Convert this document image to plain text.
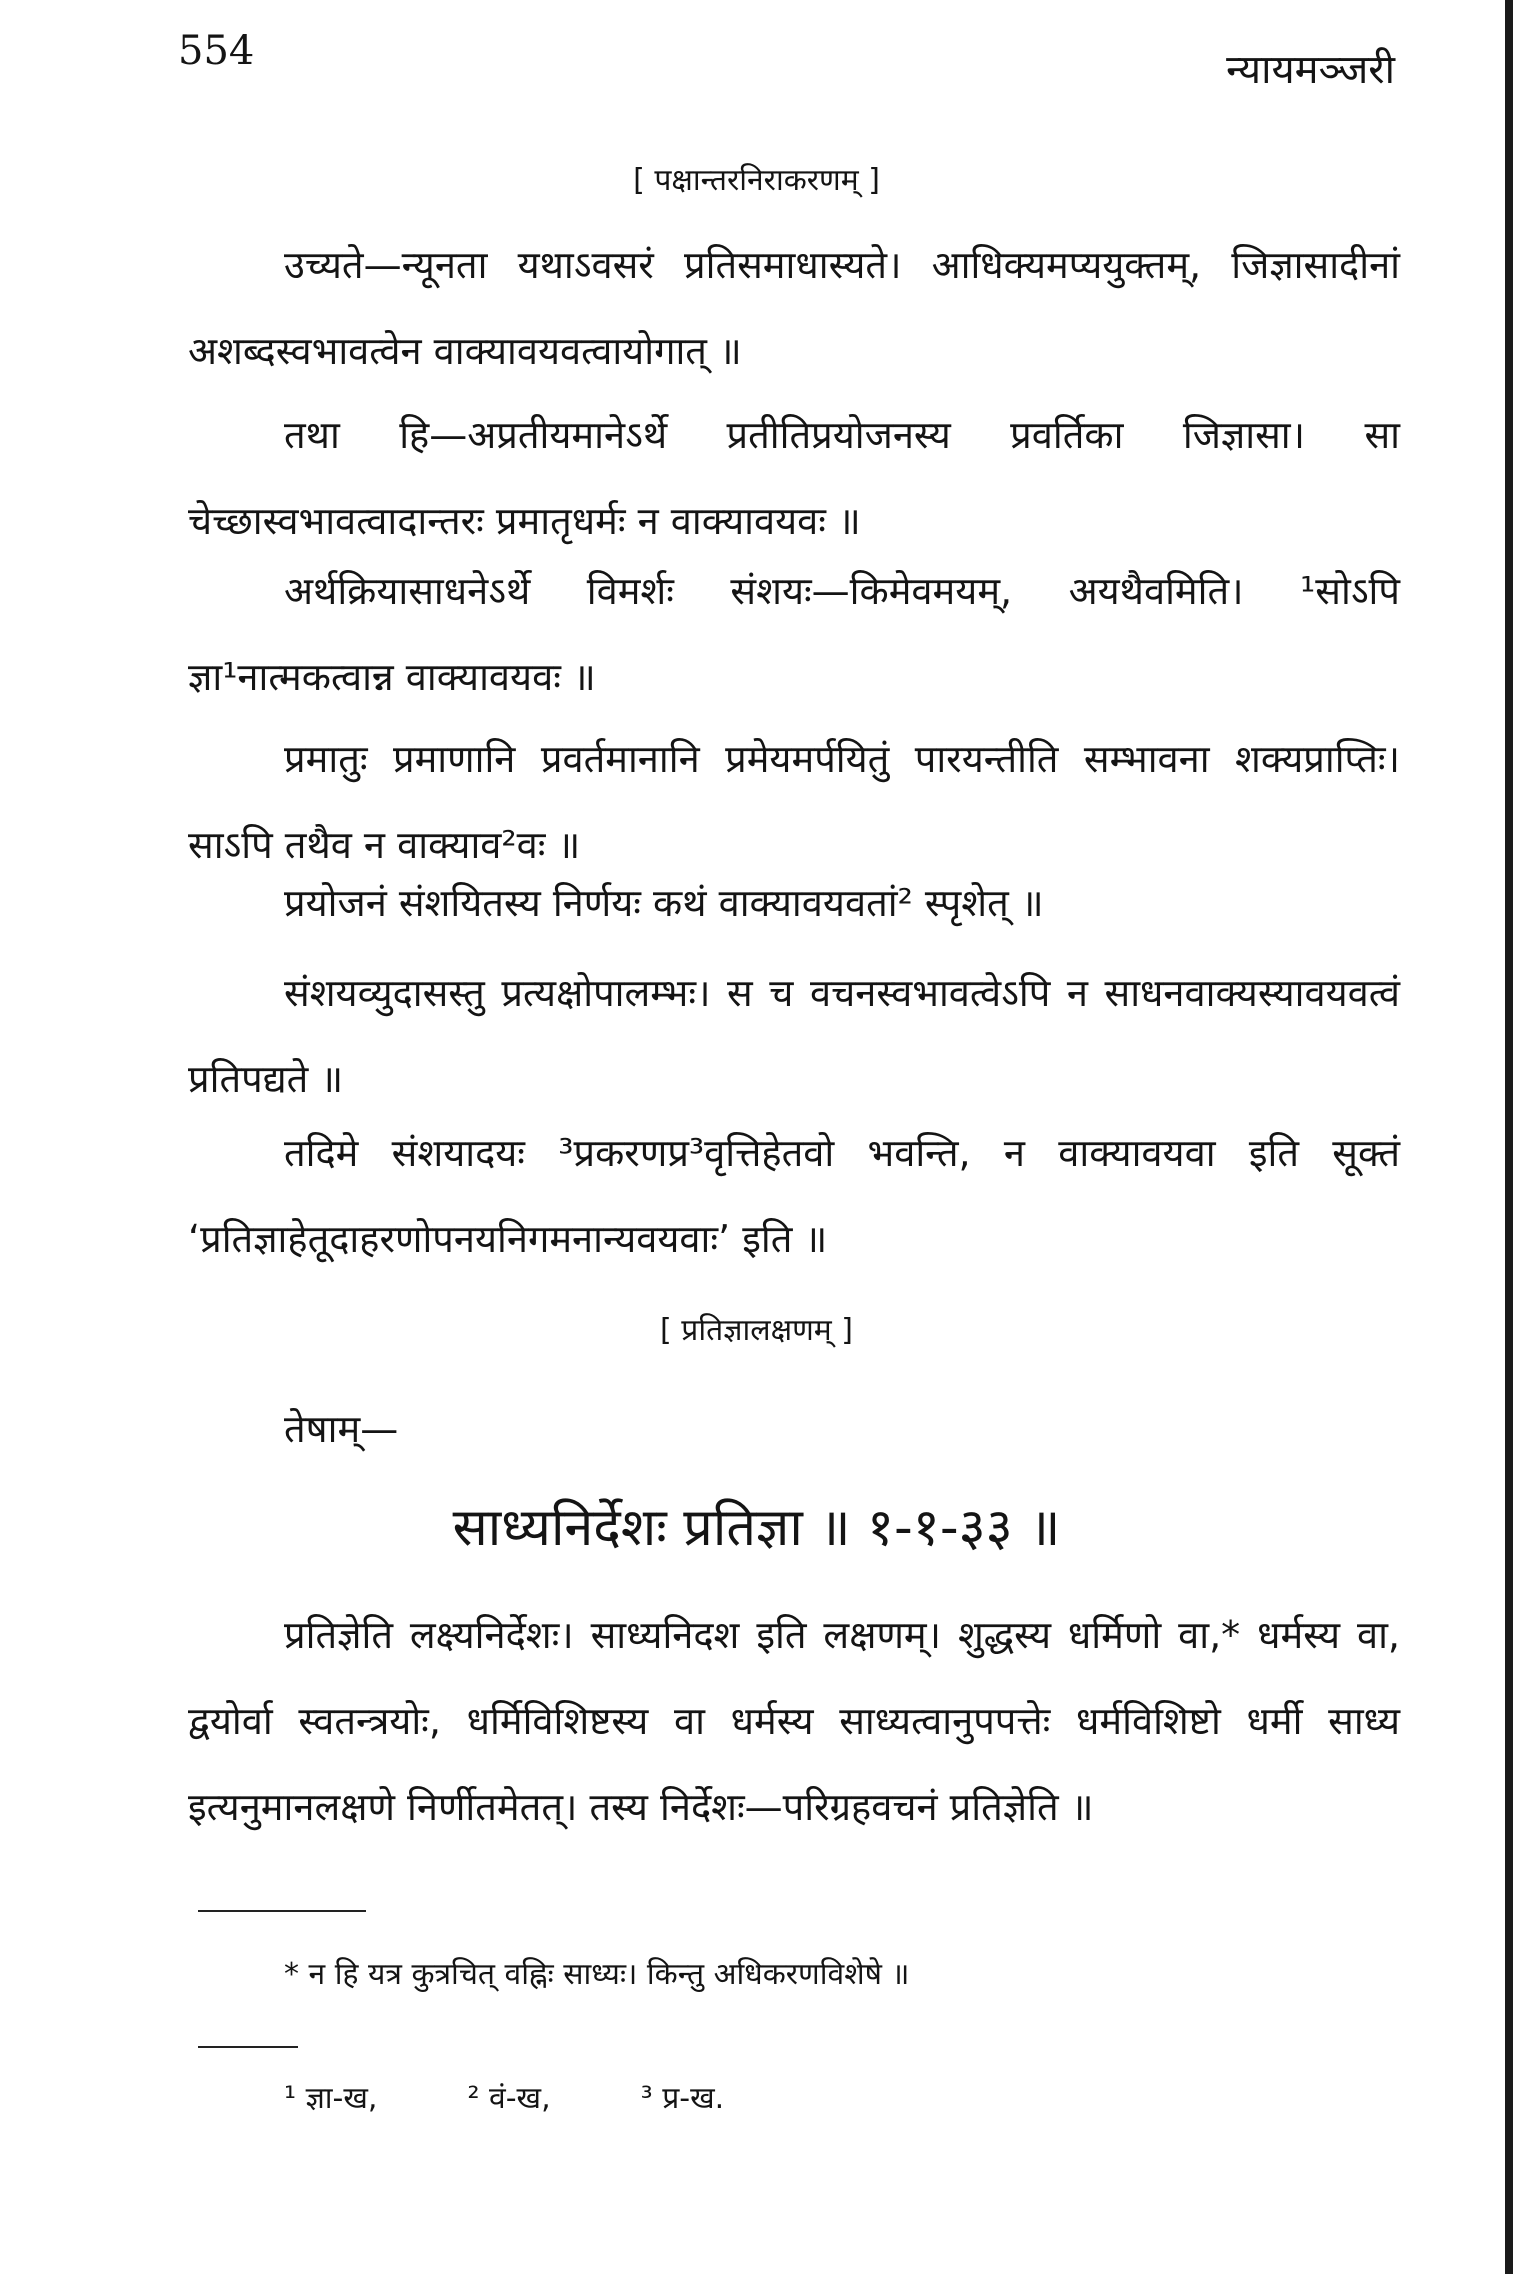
554	न्यायमञ्जरी
[ पक्षान्तरनिराकरणम् ]

उच्यते—न्यूनता यथाऽवसरं प्रतिसमाधास्यते। आधिक्यमप्ययुक्तम्, जिज्ञासादीनां अशब्दस्वभावत्वेन वाक्यावयवत्वायोगात् ॥

तथा हि—अप्रतीयमानेऽर्थे प्रतीतिप्रयोजनस्य प्रवर्तिका जिज्ञासा। सा चेच्छास्वभावत्वादान्तरः प्रमातृधर्मः न वाक्यावयवः ॥

अर्थक्रियासाधनेऽर्थे विमर्शः संशयः—किमेवमयम्, अयथैवमिति। ¹सोऽपि ज्ञा¹नात्मकत्वान्न वाक्यावयवः ॥

प्रमातुः प्रमाणानि प्रवर्तमानानि प्रमेयमर्पयितुं पारयन्तीति सम्भावना शक्यप्राप्तिः। साऽपि तथैव न वाक्याव²वः ॥

प्रयोजनं संशयितस्य निर्णयः कथं वाक्यावयवतां² स्पृशेत् ॥

संशयव्युदासस्तु प्रत्यक्षोपालम्भः। स च वचनस्वभावत्वेऽपि न साधनवाक्यस्यावयवत्वं प्रतिपद्यते ॥

तदिमे संशयादयः ³प्रकरणप्र³वृत्तिहेतवो भवन्ति, न वाक्यावयवा इति सूक्तं ‘प्रतिज्ञाहेतूदाहरणोपनयनिगमनान्यवयवाः’ इति ॥

[ प्रतिज्ञालक्षणम् ]
तेषाम्—
साध्यनिर्देशः प्रतिज्ञा ॥ १-१-३३ ॥

प्रतिज्ञेति लक्ष्यनिर्देशः। साध्यनिदश इति लक्षणम्। शुद्धस्य धर्मिणो वा,* धर्मस्य वा, द्वयोर्वा स्वतन्त्रयोः, धर्मिविशिष्टस्य वा धर्मस्य साध्यत्वानुपपत्तेः धर्मविशिष्टो धर्मी साध्य इत्यनुमानलक्षणे निर्णीतमेतत्। तस्य निर्देशः—परिग्रहवचनं प्रतिज्ञेति ॥

* न हि यत्र कुत्रचित् वह्निः साध्यः। किन्तु अधिकरणविशेषे ॥
¹ ज्ञा-ख,	² वं-ख,	³ प्र-ख.
